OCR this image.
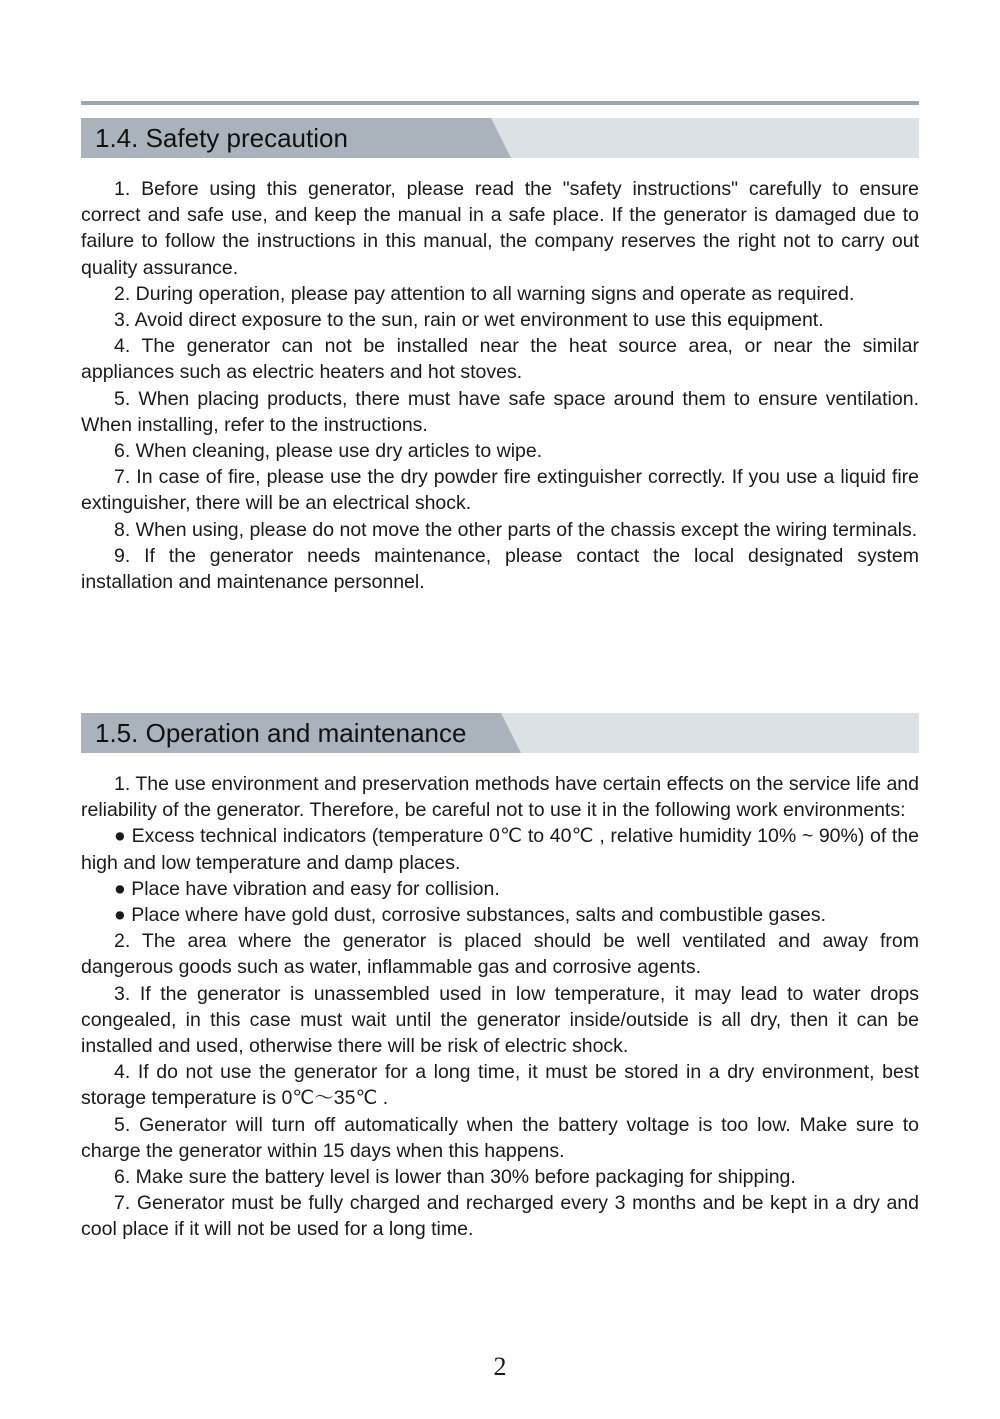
1.4. Safety precaution

1. Before using this generator, please read the "safety instructions" carefully to ensure correct and safe use, and keep the manual in a safe place. If the generator is damaged due to failure to follow the instructions in this manual, the company reserves the right not to carry out quality assurance.

2. During operation, please pay attention to all warning signs and operate as required.

3. Avoid direct exposure to the sun, rain or wet environment to use this equipment.

4. The generator can not be installed near the heat source area, or near the similar appliances such as electric heaters and hot stoves.

5. When placing products, there must have safe space around them to ensure ventilation. When installing, refer to the instructions.

6. When cleaning, please use dry articles to wipe.

7. In case of fire, please use the dry powder fire extinguisher correctly. If you use a liquid fire extinguisher, there will be an electrical shock.

8. When using, please do not move the other parts of the chassis except the wiring terminals.

9. If the generator needs maintenance, please contact the local designated system installation and maintenance personnel.

1.5. Operation and maintenance

1. The use environment and preservation methods have certain effects on the service life and reliability of the generator. Therefore, be careful not to use it in the following work environments:

● Excess technical indicators (temperature 0℃ to 40℃ , relative humidity 10% ~ 90%) of the high and low temperature and damp places.

● Place have vibration and easy for collision.

● Place where have gold dust, corrosive substances, salts and combustible gases.

2. The area where the generator is placed should be well ventilated and away from dangerous goods such as water, inflammable gas and corrosive agents.

3. If the generator is unassembled used in low temperature, it may lead to water drops congealed, in this case must wait until the generator inside/outside is all dry, then it can be installed and used, otherwise there will be risk of electric shock.

4. If do not use the generator for a long time, it must be stored in a dry environment, best storage temperature is 0℃～35℃ .

5. Generator will turn off automatically when the battery voltage is too low. Make sure to charge the generator within 15 days when this happens.

6. Make sure the battery level is lower than 30% before packaging for shipping.

7. Generator must be fully charged and recharged every 3 months and be kept in a dry and cool place if it will not be used for a long time.

2
